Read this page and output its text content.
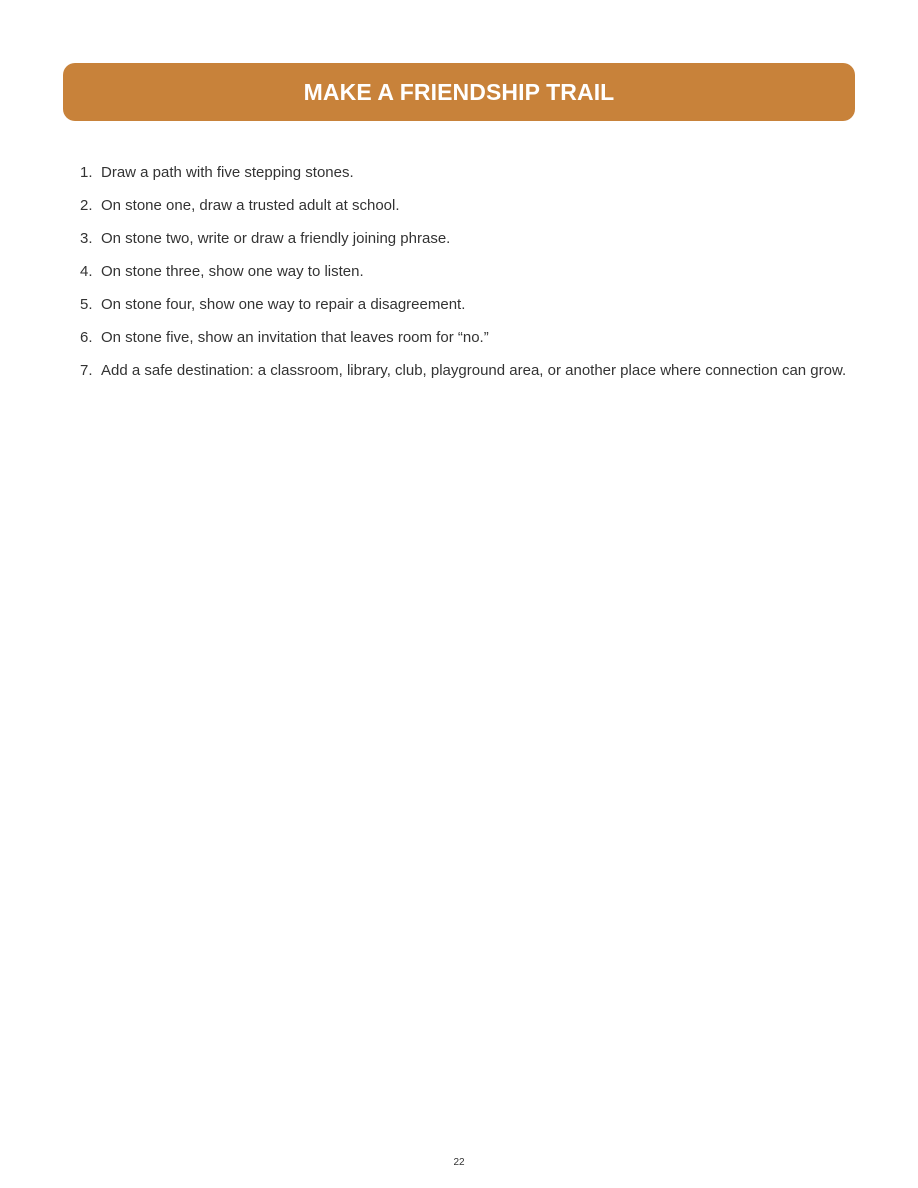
MAKE A FRIENDSHIP TRAIL
1. Draw a path with five stepping stones.
2. On stone one, draw a trusted adult at school.
3. On stone two, write or draw a friendly joining phrase.
4. On stone three, show one way to listen.
5. On stone four, show one way to repair a disagreement.
6. On stone five, show an invitation that leaves room for “no.”
7. Add a safe destination: a classroom, library, club, playground area, or another place where connection can grow.
22
